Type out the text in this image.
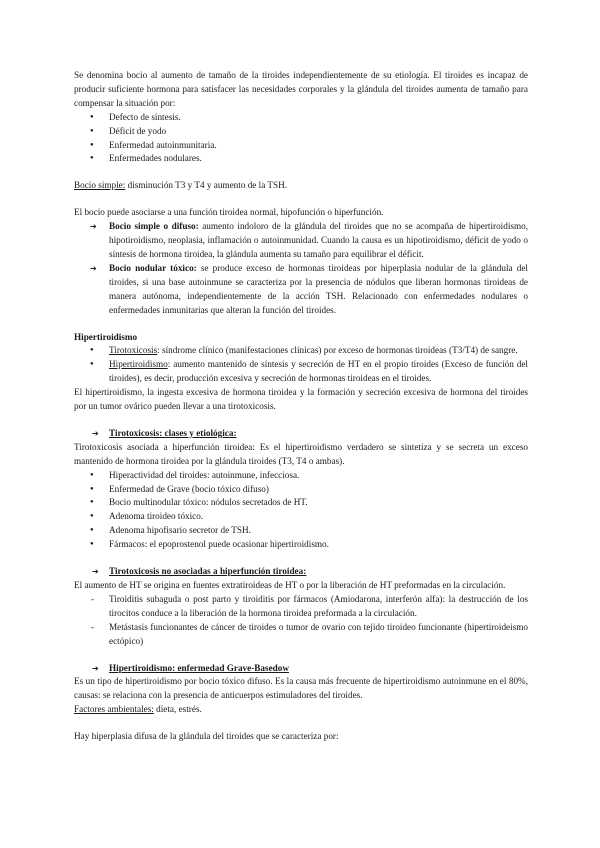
Se denomina bocio al aumento de tamaño de la tiroides independientemente de su etiología. El tiroides es incapaz de producir suficiente hormona para satisfacer las necesidades corporales y la glándula del tiroides aumenta de tamaño para compensar la situación por:

● Defecto de síntesis.
● Déficit de yodo
● Enfermedad autoinmunitaria.
● Enfermedades nodulares.

Bocio simple: disminución T3 y T4 y aumento de la TSH.

El bocio puede asociarse a una función tiroidea normal, hipofunción o hiperfunción.

➔ Bocio simple o difuso: aumento indoloro de la glándula del tiroides que no se acompaña de hipertiroidismo, hipotiroidismo, neoplasia, inflamación o autoinmunidad. Cuando la causa es un hipotiroidismo, déficit de yodo o síntesis de hormona tiroidea, la glándula aumenta su tamaño para equilibrar el déficit.
➔ Bocio nodular tóxico: se produce exceso de hormonas tiroideas por hiperplasia nodular de la glándula del tiroides, si una base autoinmune se caracteriza por la presencia de nódulos que liberan hormonas tiroideas de manera autónoma, independientemente de la acción TSH. Relacionado con enfermedades nodulares o enfermedades inmunitarias que alteran la función del tiroides.

Hipertiroidismo

● Tirotoxicosis: síndrome clínico (manifestaciones clínicas) por exceso de hormonas tiroideas (T3/T4) de sangre.
● Hipertiroidismo: aumento mantenido de síntesis y secreción de HT en el propio tiroides (Exceso de función del tiroides), es decir, producción excesiva y secreción de hormonas tiroideas en el tiroides.

El hipertiroidismo, la ingesta excesiva de hormona tiroidea y la formación y secreción excesiva de hormona del tiroides por un tumor ovárico pueden llevar a una tirotoxicosis.

➔ Tirotoxicosis: clases y etiológica:

Tirotoxicosis asociada a hiperfunción tiroidea: Es el hipertiroidismo verdadero se sintetiza y se secreta un exceso mantenido de hormona tiroidea por la glándula tiroides (T3, T4 o ambas).

● Hiperactividad del tiroides: autoinmune, infecciosa.
● Enfermedad de Grave (bocio tóxico difuso)
● Bocio multinodular tóxico: nódulos secretados de HT.
● Adenoma tiroideo tóxico.
● Adenoma hipofisario secretor de TSH.
● Fármacos: el epoprostenol puede ocasionar hipertiroidismo.

➔ Tirotoxicosis no asociadas a hiperfunción tiroidea:

El aumento de HT se origina en fuentes extratiroideas de HT o por la liberación de HT preformadas en la circulación.

- Tiroiditis subaguda o post parto y tiroiditis por fármacos (Amiodarona, interferón alfa): la destrucción de los tirocitos conduce a la liberación de la hormona tiroidea preformada a la circulación.
- Metástasis funcionantes de cáncer de tiroides o tumor de ovario con tejido tiroideo funcionante (hipertiroideismo ectópico)

➔ Hipertiroidismo: enfermedad Grave-Basedow

Es un tipo de hipertiroidismo por bocio tóxico difuso. Es la causa más frecuente de hipertiroidismo autoinmune en el 80%, causas: se relaciona con la presencia de anticuerpos estimuladores del tiroides.

Factores ambientales: dieta, estrés.

Hay hiperplasia difusa de la glándula del tiroides que se caracteriza por:
